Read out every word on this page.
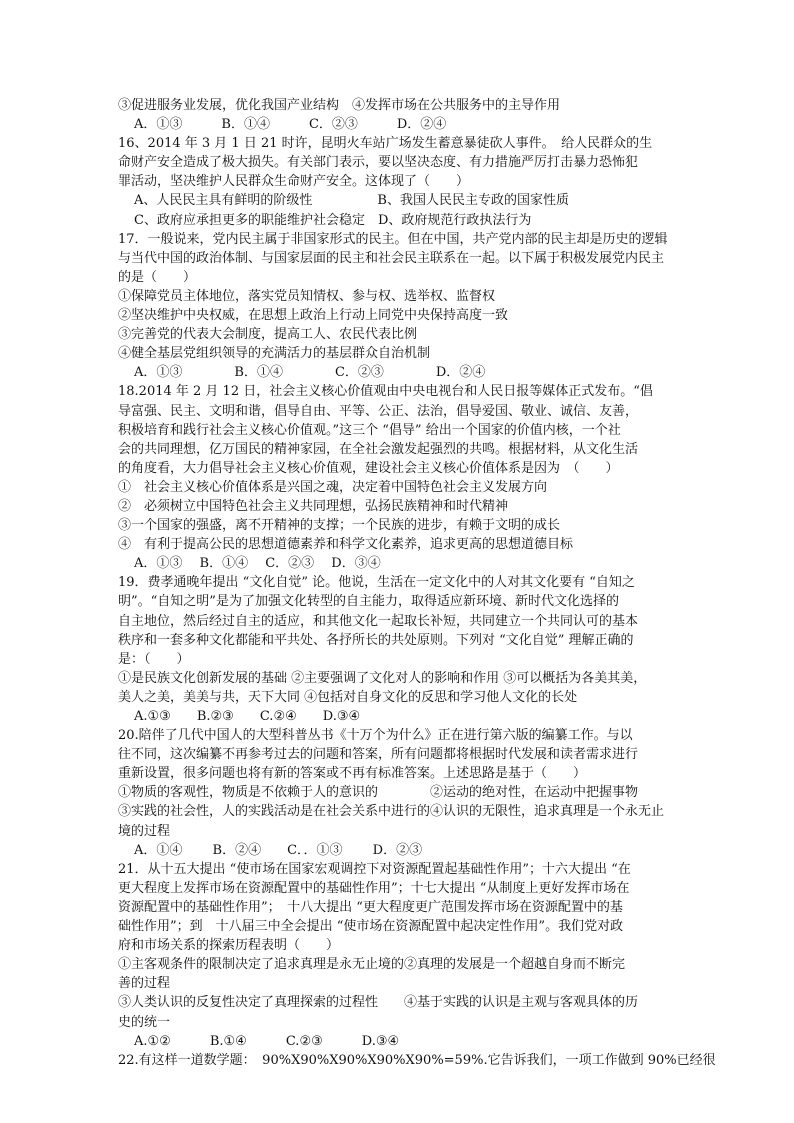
③促进服务业发展，优化我国产业结构　④发挥市场在公共服务中的主导作用
A．①③　　　B．①④　　　C．②③　　　D．②④
16、2014 年 3 月 1 日 21 时许，昆明火车站广场发生蓄意暴徒砍人事件。　给人民群众的生
命财产安全造成了极大损失。有关部门表示，要以坚决态度、有力措施严厉打击暴力恐怖犯
罪活动，坚决维护人民群众生命财产安全。这体现了（　　）
A、人民民主具有鲜明的阶级性　　　　　B、我国人民民主专政的国家性质
C、政府应承担更多的职能维护社会稳定　D、政府规范行政执法行为
17．一般说来，党内民主属于非国家形式的民主。但在中国，共产党内部的民主却是历史的逻辑
与当代中国的政治体制、与国家层面的民主和社会民主联系在一起。以下属于积极发展党内民主
的是（　　）
①保障党员主体地位，落实党员知情权、参与权、选举权、监督权
②坚决维护中央权威，在思想上政治上行动上同党中央保持高度一致
③完善党的代表大会制度，提高工人、农民代表比例
④健全基层党组织领导的充满活力的基层群众自治机制
A．①③　　　　B．①④　　　　C．②③　　　　D．②④
18.2014 年 2 月 12 日，社会主义核心价值观由中央电视台和人民日报等媒体正式发布。“倡
导富强、民主、文明和谐，倡导自由、平等、公正、法治，倡导爱国、敬业、诚信、友善，
积极培育和践行社会主义核心价值观。”这三个 “倡导” 给出一个国家的价值内核，一个社
会的共同理想，亿万国民的精神家园，在全社会激发起强烈的共鸣。根据材料，从文化生活
的角度看，大力倡导社会主义核心价值观，建设社会主义核心价值体系是因为　（　　）
①　社会主义核心价值体系是兴国之魂，决定着中国特色社会主义发展方向
②　必须树立中国特色社会主义共同理想，弘扬民族精神和时代精神
③一个国家的强盛，离不开精神的支撑；一个民族的进步，有赖于文明的成长
④　有利于提高公民的思想道德素养和科学文化素养，追求更高的思想道德目标
A．①③　 B．①④　 C．②③　 D．③④
19．费孝通晚年提出 “文化自觉” 论。他说，生活在一定文化中的人对其文化要有 “自知之
明”。“自知之明”是为了加强文化转型的自主能力，取得适应新环境、新时代文化选择的
自主地位，然后经过自主的适应，和其他文化一起取长补短，共同建立一个共同认可的基本
秩序和一套多种文化都能和平共处、各抒所长的共处原则。下列对 “文化自觉” 理解正确的
是：（　　）
①是民族文化创新发展的基础 ②主要强调了文化对人的影响和作用 ③可以概括为各美其美，
美人之美，美美与共，天下大同 ④包括对自身文化的反思和学习他人文化的长处
A.①③　　B.②③　　C.②④　　D.③④
20.陪伴了几代中国人的大型科普丛书《十万个为什么》正在进行第六版的编纂工作。与以
往不同，这次编纂不再参考过去的问题和答案，所有问题都将根据时代发展和读者需求进行
重新设置，很多问题也将有新的答案或不再有标准答案。上述思路是基于（　　）
①物质的客观性，物质是不依赖于人的意识的　　　　②运动的绝对性，在运动中把握事物
③实践的社会性，人的实践活动是在社会关系中进行的④认识的无限性，追求真理是一个永无止
境的过程
A．①④　　 B．②④　　C．．①③　　 D．②③
21．从十五大提出 “使市场在国家宏观调控下对资源配置起基础性作用”；十六大提出 “在
更大程度上发挥市场在资源配置中的基础性作用”；十七大提出 “从制度上更好发挥市场在
资源配置中的基础性作用”；　十八大提出 “更大程度更广范围发挥市场在资源配置中的基
础性作用”；到　十八届三中全会提出 “使市场在资源配置中起决定性作用”。我们党对政
府和市场关系的探索历程表明（　　）
①主客观条件的限制决定了追求真理是永无止境的②真理的发展是一个超越自身而不断完
善的过程
③人类认识的反复性决定了真理探索的过程性　　④基于实践的认识是主观与客观具体的历
史的统一
A.①②　　　B.①④　　　C.②③　　　D.③④
22.有这样一道数学题：　90%X90%X90%X90%X90%=59%.它告诉我们，一项工作做到 90%已经很
